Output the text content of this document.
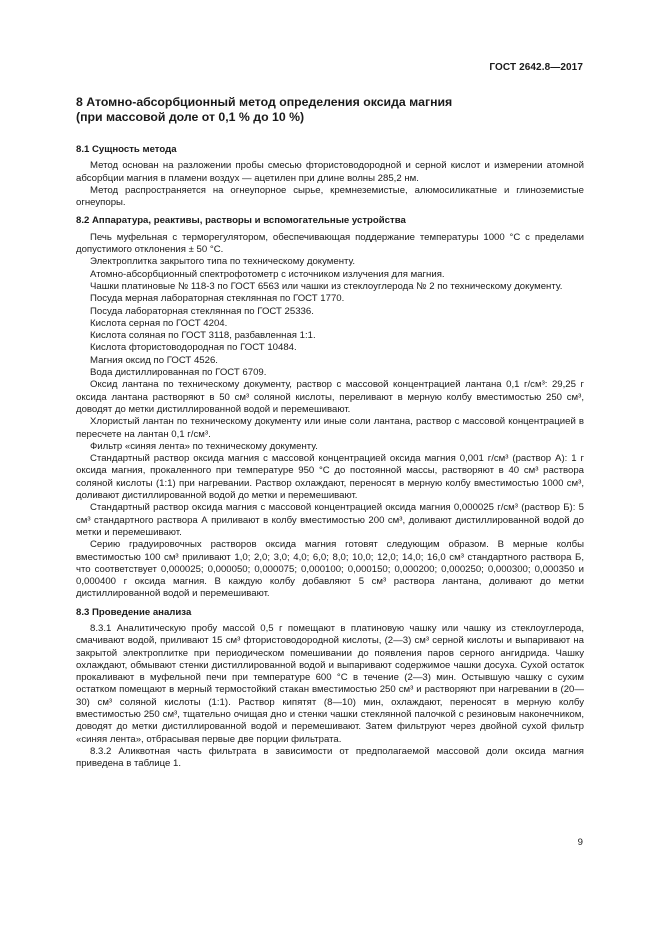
ГОСТ 2642.8—2017
8 Атомно-абсорбционный метод определения оксида магния
(при массовой доле от 0,1 % до 10 %)
8.1 Сущность метода

Метод основан на разложении пробы смесью фтористоводородной и серной кислот и измерении атомной абсорбции магния в пламени воздух — ацетилен при длине волны 285,2 нм.

Метод распространяется на огнеупорное сырье, кремнеземистые, алюмосиликатные и глиноземистые огнеупоры.

8.2 Аппаратура, реактивы, растворы и вспомогательные устройства

Печь муфельная с терморегулятором, обеспечивающая поддержание температуры 1000 °С с пределами допустимого отклонения ± 50 °С.

Электроплитка закрытого типа по техническому документу.

Атомно-абсорбционный спектрофотометр с источником излучения для магния.

Чашки платиновые № 118-3 по ГОСТ 6563 или чашки из стеклоуглерода № 2 по техническому документу.

Посуда мерная лабораторная стеклянная по ГОСТ 1770.

Посуда лабораторная стеклянная по ГОСТ 25336.

Кислота серная по ГОСТ 4204.

Кислота соляная по ГОСТ 3118, разбавленная 1:1.

Кислота фтористоводородная по ГОСТ 10484.

Магния оксид по ГОСТ 4526.

Вода дистиллированная по ГОСТ 6709.

Оксид лантана по техническому документу, раствор с массовой концентрацией лантана 0,1 г/см³: 29,25 г оксида лантана растворяют в 50 см³ соляной кислоты, переливают в мерную колбу вместимостью 250 см³, доводят до метки дистиллированной водой и перемешивают.

Хлористый лантан по техническому документу или иные соли лантана, раствор с массовой концентрацией в пересчете на лантан 0,1 г/см³.

Фильтр «синяя лента» по техническому документу.

Стандартный раствор оксида магния с массовой концентрацией оксида магния 0,001 г/см³ (раствор А): 1 г оксида магния, прокаленного при температуре 950 °С до постоянной массы, растворяют в 40 см³ раствора соляной кислоты (1:1) при нагревании. Раствор охлаждают, переносят в мерную колбу вместимостью 1000 см³, доливают дистиллированной водой до метки и перемешивают.

Стандартный раствор оксида магния с массовой концентрацией оксида магния 0,000025 г/см³ (раствор Б): 5 см³ стандартного раствора А приливают в колбу вместимостью 200 см³, доливают дистиллированной водой до метки и перемешивают.

Серию градуировочных растворов оксида магния готовят следующим образом. В мерные колбы вместимостью 100 см³ приливают 1,0; 2,0; 3,0; 4,0; 6,0; 8,0; 10,0; 12,0; 14,0; 16,0 см³ стандартного раствора Б, что соответствует 0,000025; 0,000050; 0,000075; 0,000100; 0,000150; 0,000200; 0,000250; 0,000300; 0,000350 и 0,000400 г оксида магния. В каждую колбу добавляют 5 см³ раствора лантана, доливают до метки дистиллированной водой и перемешивают.

8.3 Проведение анализа

8.3.1 Аналитическую пробу массой 0,5 г помещают в платиновую чашку или чашку из стеклоуглерода, смачивают водой, приливают 15 см³ фтористоводородной кислоты, (2—3) см³ серной кислоты и выпаривают на закрытой электроплитке при периодическом помешивании до появления паров серного ангидрида. Чашку охлаждают, обмывают стенки дистиллированной водой и выпаривают содержимое чашки досуха. Сухой остаток прокаливают в муфельной печи при температуре 600 °С в течение (2—3) мин. Остывшую чашку с сухим остатком помещают в мерный термостойкий стакан вместимостью 250 см³ и растворяют при нагревании в (20—30) см³ соляной кислоты (1:1). Раствор кипятят (8—10) мин, охлаждают, переносят в мерную колбу вместимостью 250 см³, тщательно очищая дно и стенки чашки стеклянной палочкой с резиновым наконечником, доводят до метки дистиллированной водой и перемешивают. Затем фильтруют через двойной сухой фильтр «синяя лента», отбрасывая первые две порции фильтрата.

8.3.2 Аликвотная часть фильтрата в зависимости от предполагаемой массовой доли оксида магния приведена в таблице 1.

9
